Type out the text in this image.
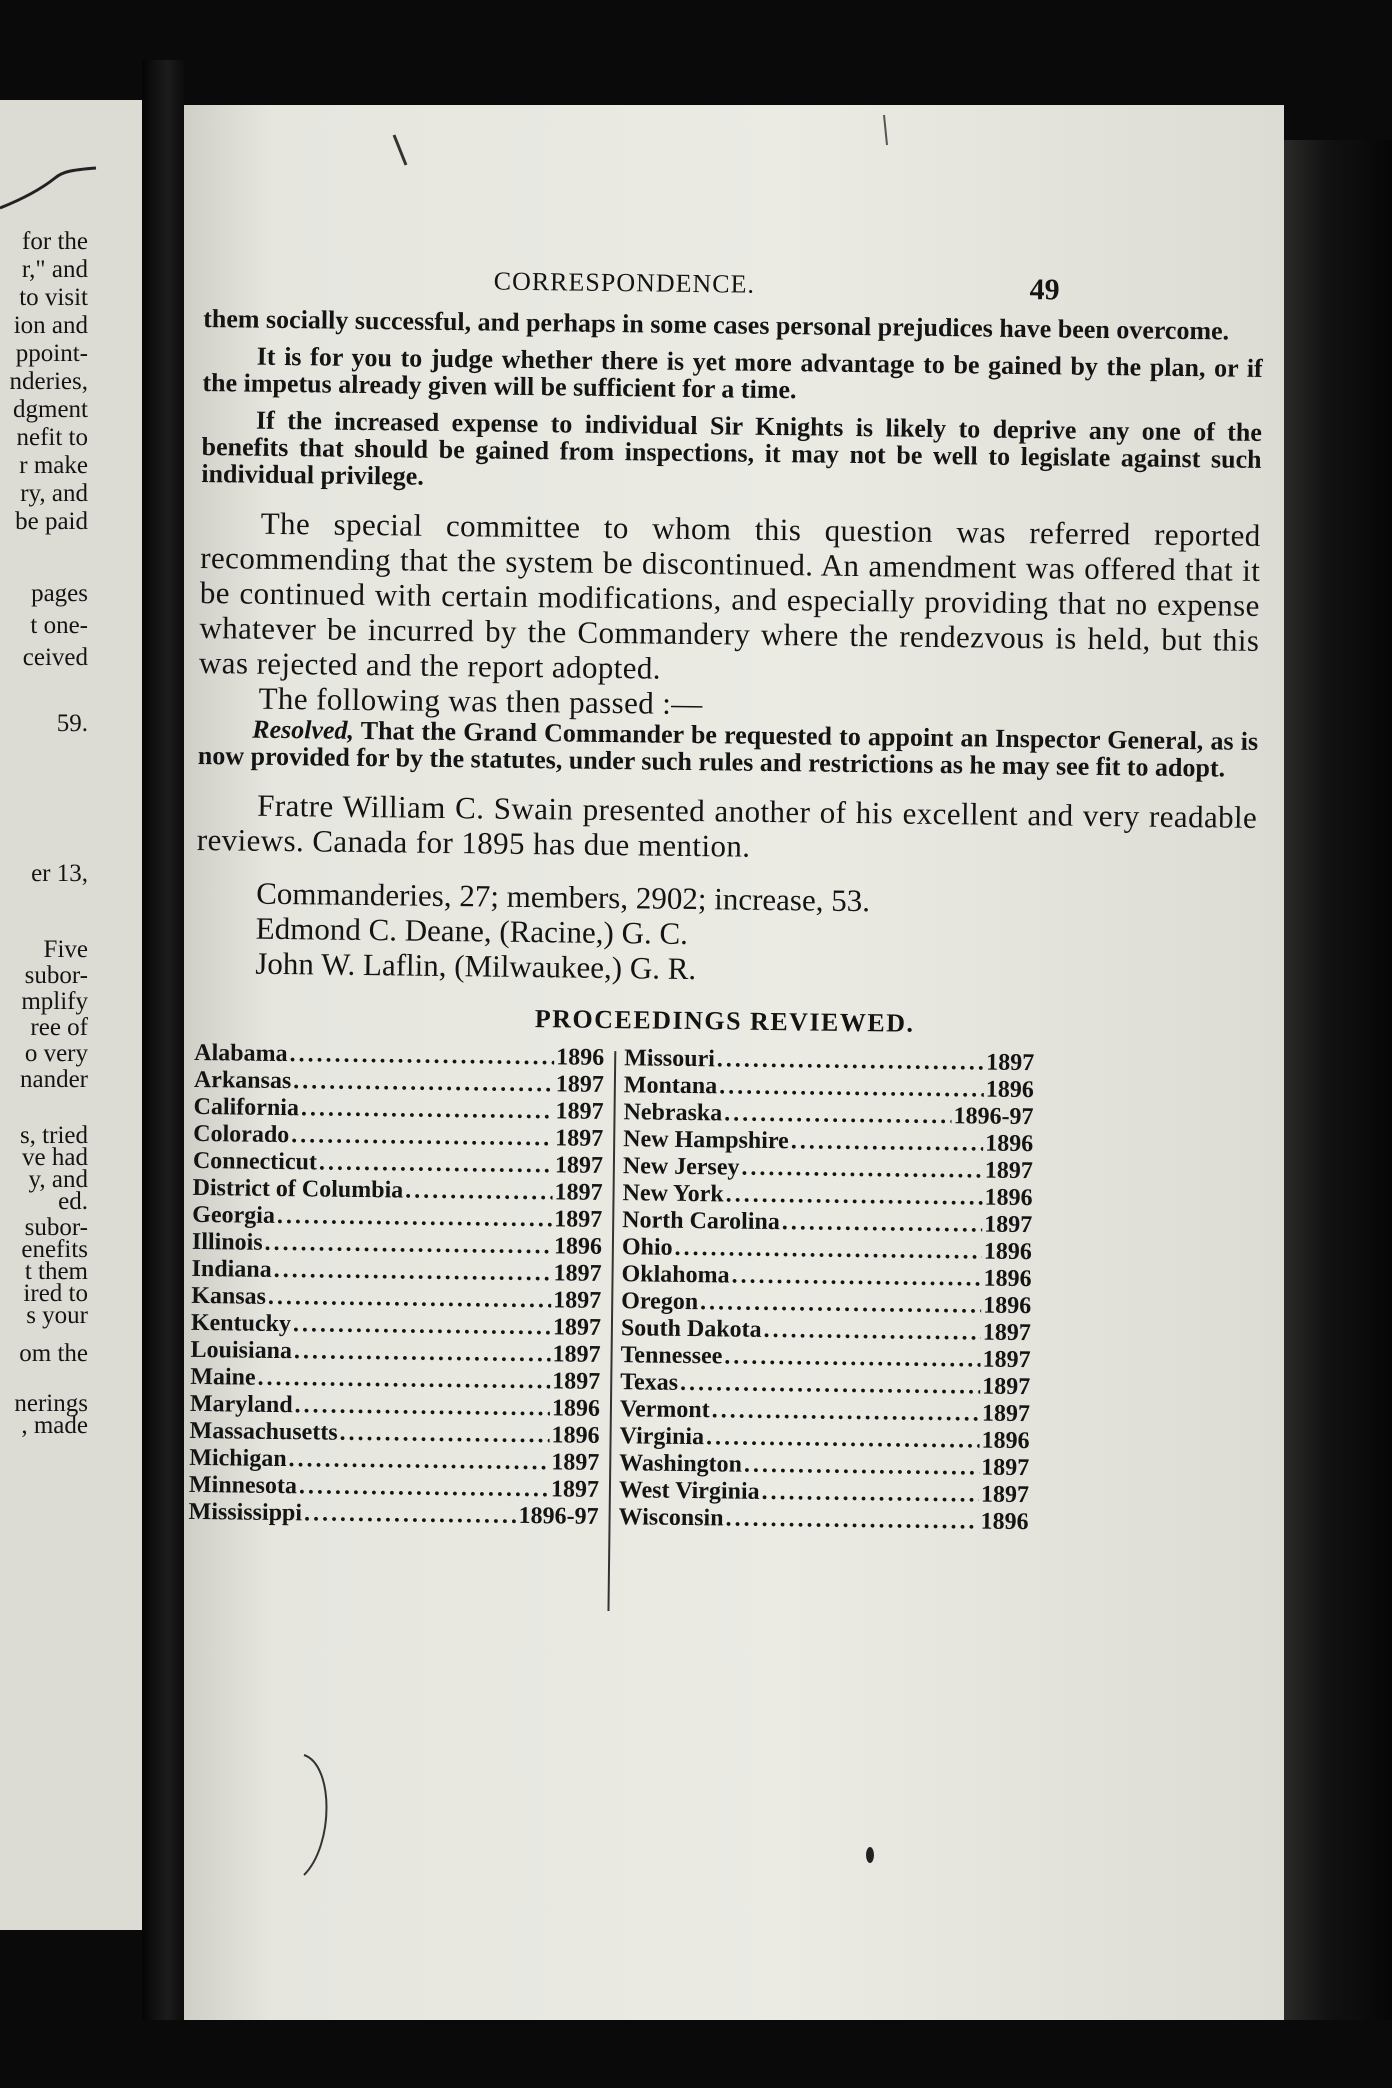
for the
r," and
to visit
ion and
ppoint-
nderies,
dgment
nefit to
r make
ry, and
be paid
pages
t one-
ceived
59.
er 13,
Five
subor-
mplify
ree of
o very
nander
s, tried
ve had
y, and
ed.
subor-
enefits
t them
ired to
s your
om the
nerings
, made
CORRESPONDENCE.	49

them socially successful, and perhaps in some cases personal prejudices have been overcome.

It is for you to judge whether there is yet more advantage to be gained by the plan, or if the impetus already given will be sufficient for a time.

If the increased expense to individual Sir Knights is likely to deprive any one of the benefits that should be gained from inspections, it may not be well to legislate against such individual privilege.

The special committee to whom this question was referred reported recommending that the system be discontinued. An amendment was offered that it be continued with certain modifications, and especially providing that no expense whatever be incurred by the Commandery where the rendezvous is held, but this was rejected and the report adopted.

The following was then passed :—

Resolved, That the Grand Commander be requested to appoint an Inspector General, as is now provided for by the statutes, under such rules and restrictions as he may see fit to adopt.

Fratre William C. Swain presented another of his excellent and very readable reviews. Canada for 1895 has due mention.

Commanderies, 27; members, 2902; increase, 53.

Edmond C. Deane, (Racine,) G. C.

John W. Laflin, (Milwaukee,) G. R.

PROCEEDINGS REVIEWED.
Alabama .....	1896
Arkansas .....	1897
California .....	1897
Colorado .....	1897
Connecticut .....	1897
District of Columbia .....	1897
Georgia .....	1897
Illinois .....	1896
Indiana .....	1897
Kansas .....	1897
Kentucky .....	1897
Louisiana .....	1897
Maine .....	1897
Maryland .....	1896
Massachusetts .....	1896
Michigan .....	1897
Minnesota .....	1897
Mississippi .....	1896-97
Missouri .....	1897
Montana .....	1896
Nebraska .....	1896-97
New Hampshire .....	1896
New Jersey .....	1897
New York .....	1896
North Carolina .....	1897
Ohio .....	1896
Oklahoma .....	1896
Oregon .....	1896
South Dakota .....	1897
Tennessee .....	1897
Texas .....	1897
Vermont .....	1897
Virginia .....	1896
Washington .....	1897
West Virginia .....	1897
Wisconsin .....	1896
